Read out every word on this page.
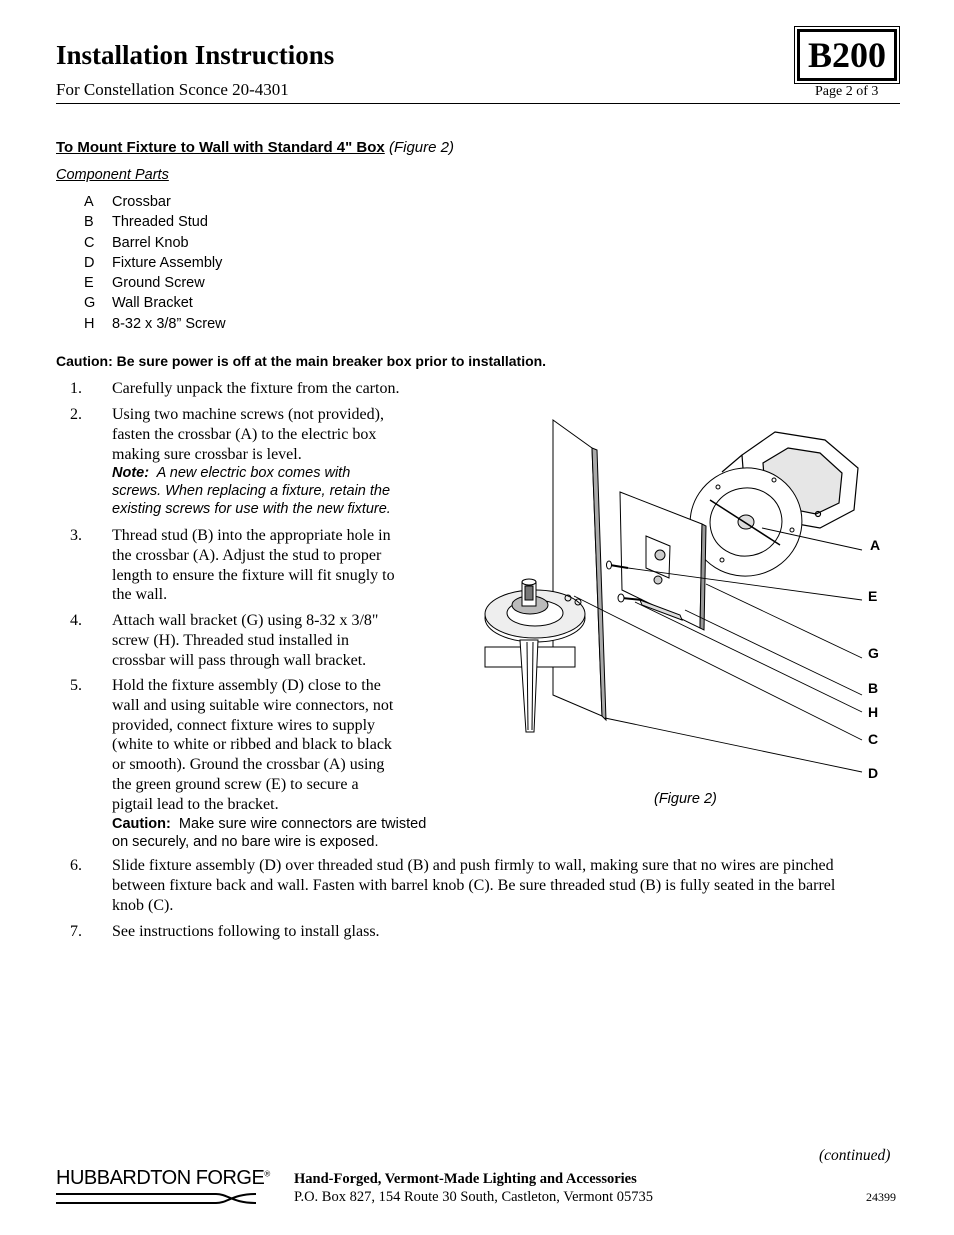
Installation Instructions
For Constellation Sconce 20-4301
B200
Page 2 of 3
To Mount Fixture to Wall with Standard 4" Box (Figure 2)
Component Parts
A	Crossbar
B	Threaded Stud
C	Barrel Knob
D	Fixture Assembly
E	Ground Screw
G	Wall Bracket
H	8-32 x 3/8” Screw
Caution: Be sure power is off at the main breaker box prior to installation.
1. Carefully unpack the fixture from the carton.
2. Using two machine screws (not provided),
fasten the crossbar (A) to the electric box
making sure crossbar is level.
Note: A new electric box comes with
screws. When replacing a fixture, retain the
existing screws for use with the new fixture.
3. Thread stud (B) into the appropriate hole in
the crossbar (A). Adjust the stud to proper
length to ensure the fixture will fit snugly to
the wall.
4. Attach wall bracket (G) using 8-32 x 3/8"
screw (H). Threaded stud installed in
crossbar will pass through wall bracket.
5. Hold the fixture assembly (D) close to the
wall and using suitable wire connectors, not
provided, connect fixture wires to supply
(white to white or ribbed and black to black
or smooth). Ground the crossbar (A) using
the green ground screw (E) to secure a
pigtail lead to the bracket.
Caution: Make sure wire connectors are twisted
on securely, and no bare wire is exposed.
6. Slide fixture assembly (D) over threaded stud (B) and push firmly to wall, making sure that no wires are pinched
between fixture back and wall. Fasten with barrel knob (C). Be sure threaded stud (B) is fully seated in the barrel
knob (C).
7. See instructions following to install glass.
A
E
G
B
H
C
D
(Figure 2)
(continued)
HUBBARDTON FORGE® Hand-Forged, Vermont-Made Lighting and Accessories
P.O. Box 827, 154 Route 30 South, Castleton, Vermont 05735	24399
